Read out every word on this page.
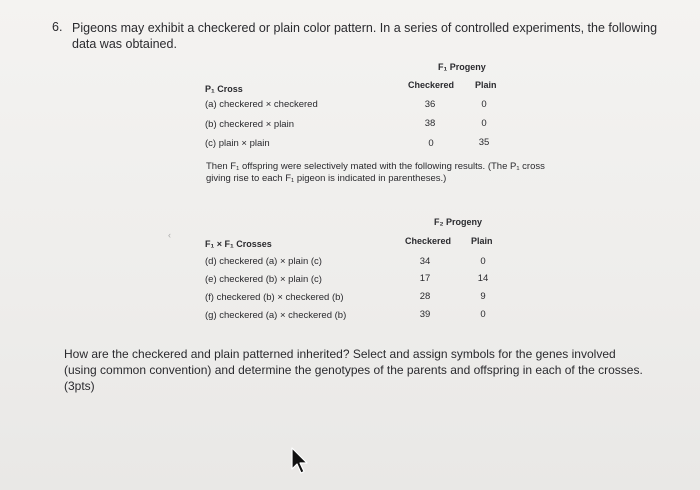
6. Pigeons may exhibit a checkered or plain color pattern. In a series of controlled experiments, the following data was obtained.
F₁ Progeny
Checkered Plain
P₁ Cross
(a) checkered × checkered	36	0
(b) checkered × plain	38	0
(c) plain × plain	0	35
Then F₁ offspring were selectively mated with the following results. (The P₁ cross giving rise to each F₁ pigeon is indicated in parentheses.)
F₂ Progeny
Checkered Plain
F₁ × F₁ Crosses
(d) checkered (a) × plain (c)	34	0
(e) checkered (b) × plain (c)	17	14
(f) checkered (b) × checkered (b)	28	9
(g) checkered (a) × checkered (b)	39	0
‹
How are the checkered and plain patterned inherited? Select and assign symbols for the genes involved (using common convention) and determine the genotypes of the parents and offspring in each of the crosses. (3pts)
